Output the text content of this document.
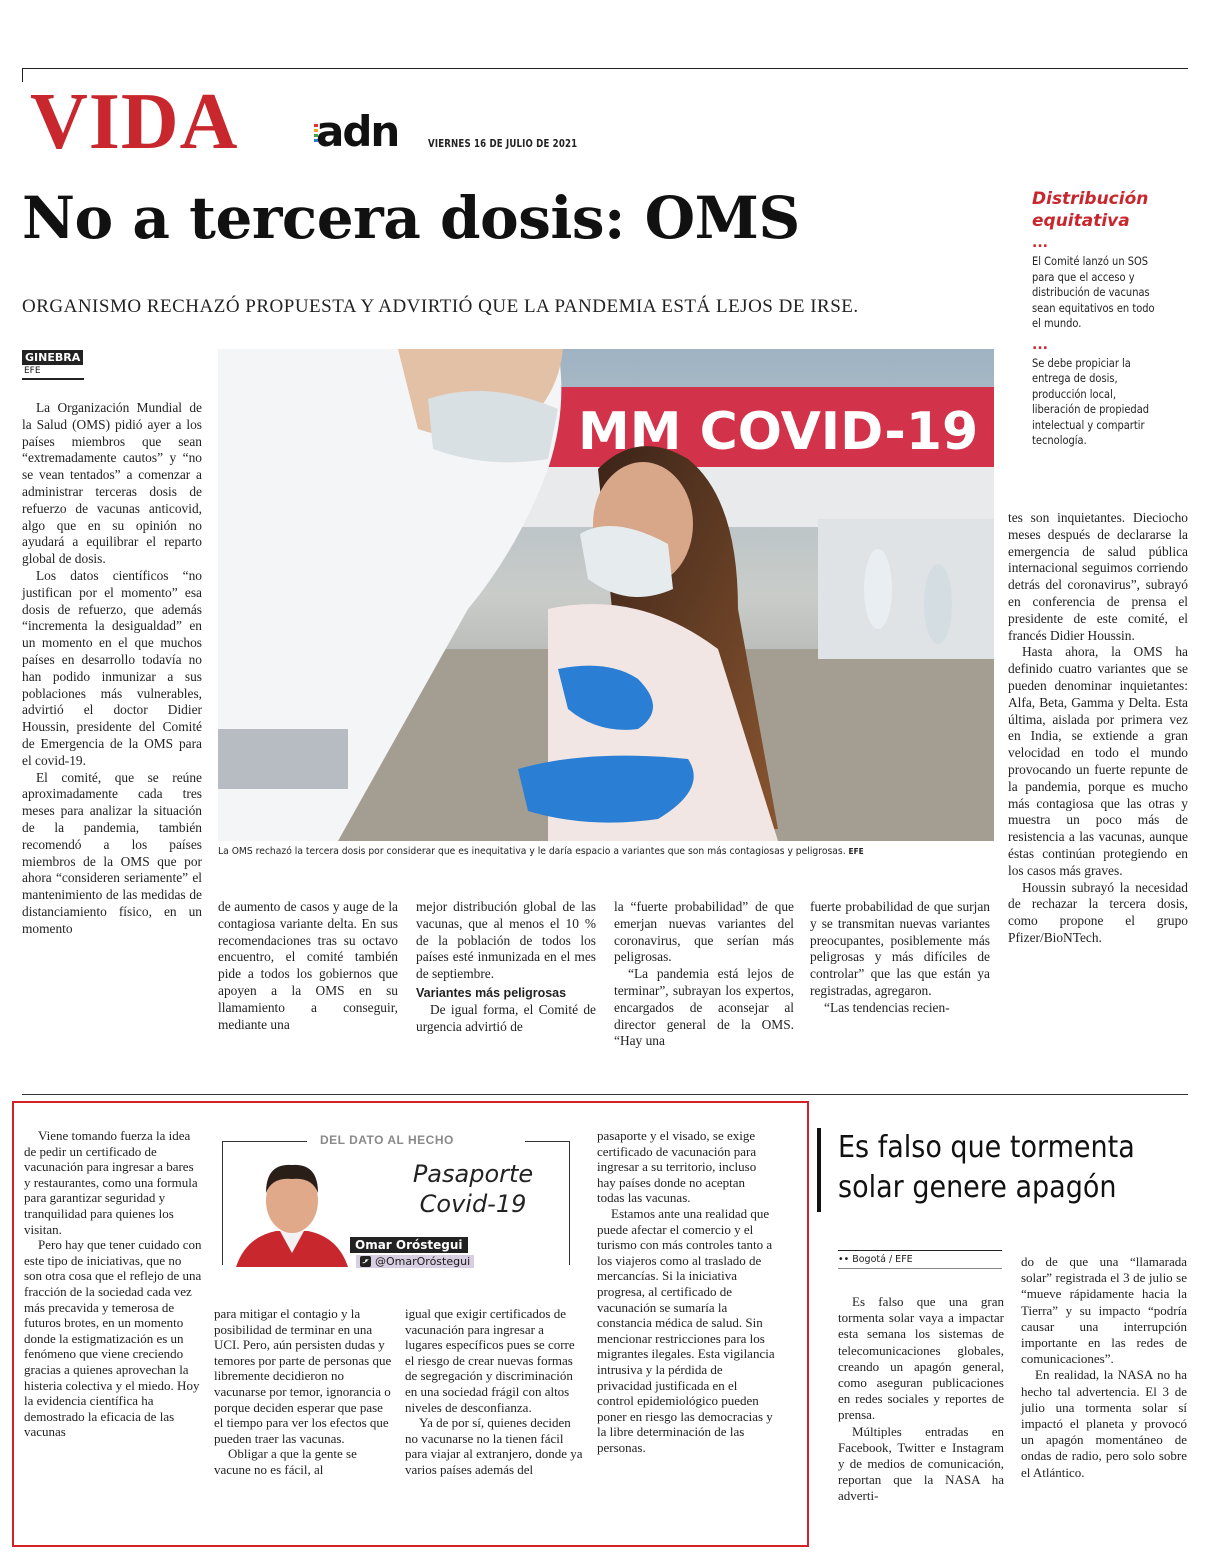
VIDA adn	VIERNES 16 DE JULIO DE 2021
No a tercera dosis: OMS
ORGANISMO RECHAZÓ PROPUESTA Y ADVIRTIÓ QUE LA PANDEMIA ESTÁ LEJOS DE IRSE.
Distribución equitativa
...
El Comité lanzó un SOS para que el acceso y distribución de vacunas sean equitativos en todo el mundo.
...
Se debe propiciar la entrega de dosis, producción local, liberación de propiedad intelectual y compartir tecnología.
GINEBRA
EFE
MM COVID-19
La OMS rechazó la tercera dosis por considerar que es inequitativa y le daría espacio a variantes que son más contagiosas y peligrosas. EFE

La Organización Mundial de la Salud (OMS) pidió ayer a los países miembros que sean “extremadamente cautos” y “no se vean tentados” a comenzar a administrar terceras dosis de refuerzo de vacunas anticovid, algo que en su opinión no ayudará a equilibrar el reparto global de dosis.

Los datos científicos “no justifican por el momento” esa dosis de refuerzo, que además “incrementa la desigualdad” en un momento en el que muchos países en desarrollo todavía no han podido inmunizar a sus poblaciones más vulnerables, advirtió el doctor Didier Houssin, presidente del Comité de Emergencia de la OMS para el covid-19.

El comité, que se reúne aproximadamente cada tres meses para analizar la situación de la pandemia, también recomendó a los países miembros de la OMS que por ahora “consideren seriamente” el mantenimiento de las medidas de distanciamiento físico, en un momento

de aumento de casos y auge de la contagiosa variante delta. En sus recomendaciones tras su octavo encuentro, el comité también pide a todos los gobiernos que apoyen a la OMS en su llamamiento a conseguir, mediante una

mejor distribución global de las vacunas, que al menos el 10 % de la población de todos los países esté inmunizada en el mes de septiembre.

Variantes más peligrosas

De igual forma, el Comité de urgencia advirtió de

la “fuerte probabilidad” de que emerjan nuevas variantes del coronavirus, que serían más peligrosas.

“La pandemia está lejos de terminar”, subrayan los expertos, encargados de aconsejar al director general de la OMS. “Hay una

fuerte probabilidad de que surjan y se transmitan nuevas variantes preocupantes, posiblemente más peligrosas y más difíciles de controlar” que las que están ya registradas, agregaron.

“Las tendencias recien-

tes son inquietantes. Dieciocho meses después de declararse la emergencia de salud pública internacional seguimos corriendo detrás del coronavirus”, subrayó en conferencia de prensa el presidente de este comité, el francés Didier Houssin.

Hasta ahora, la OMS ha definido cuatro variantes que se pueden denominar inquietantes: Alfa, Beta, Gamma y Delta. Esta última, aislada por primera vez en India, se extiende a gran velocidad en todo el mundo provocando un fuerte repunte de la pandemia, porque es mucho más contagiosa que las otras y muestra un poco más de resistencia a las vacunas, aunque éstas continúan protegiendo en los casos más graves.

Houssin subrayó la necesidad de rechazar la tercera dosis, como propone el grupo Pfizer/BioNTech.

Viene tomando fuerza la idea de pedir un certificado de vacunación para ingresar a bares y restaurantes, como una formula para garantizar seguridad y tranquilidad para quienes los visitan.

Pero hay que tener cuidado con este tipo de iniciativas, que no son otra cosa que el reflejo de una fracción de la sociedad cada vez más precavida y temerosa de futuros brotes, en un momento donde la estigmatización es un fenómeno que viene creciendo gracias a quienes aprovechan la histeria colectiva y el miedo. Hoy la evidencia científica ha demostrado la eficacia de las vacunas

DEL DATO AL HECHO
Pasaporte
Covid-19
Omar Oróstegui
@OmarOróstegui

para mitigar el contagio y la posibilidad de terminar en una UCI. Pero, aún persisten dudas y temores por parte de personas que libremente decidieron no vacunarse por temor, ignorancia o porque deciden esperar que pase el tiempo para ver los efectos que pueden traer las vacunas.

Obligar a que la gente se vacune no es fácil, al

igual que exigir certificados de vacunación para ingresar a lugares específicos pues se corre el riesgo de crear nuevas formas de segregación y discriminación en una sociedad frágil con altos niveles de desconfianza.

Ya de por sí, quienes deciden no vacunarse no la tienen fácil para viajar al extranjero, donde ya varios países además del

pasaporte y el visado, se exige certificado de vacunación para ingresar a su territorio, incluso hay países donde no aceptan todas las vacunas.

Estamos ante una realidad que puede afectar el comercio y el turismo con más controles tanto a los viajeros como al traslado de mercancías. Si la iniciativa progresa, al certificado de vacunación se sumaría la constancia médica de salud. Sin mencionar restricciones para los migrantes ilegales. Esta vigilancia intrusiva y la pérdida de privacidad justificada en el control epidemiológico pueden poner en riesgo las democracias y la libre determinación de las personas.

Es falso que tormenta solar genere apagón
•• Bogotá / EFE

Es falso que una gran tormenta solar vaya a impactar esta semana los sistemas de telecomunicaciones globales, creando un apagón general, como aseguran publicaciones en redes sociales y reportes de prensa.

Múltiples entradas en Facebook, Twitter e Instagram y de medios de comunicación, reportan que la NASA ha adverti-

do de que una “llamarada solar” registrada el 3 de julio se “mueve rápidamente hacia la Tierra” y su impacto “podría causar una interrupción importante en las redes de comunicaciones”.

En realidad, la NASA no ha hecho tal advertencia. El 3 de julio una tormenta solar sí impactó el planeta y provocó un apagón momentáneo de ondas de radio, pero solo sobre el Atlántico.
